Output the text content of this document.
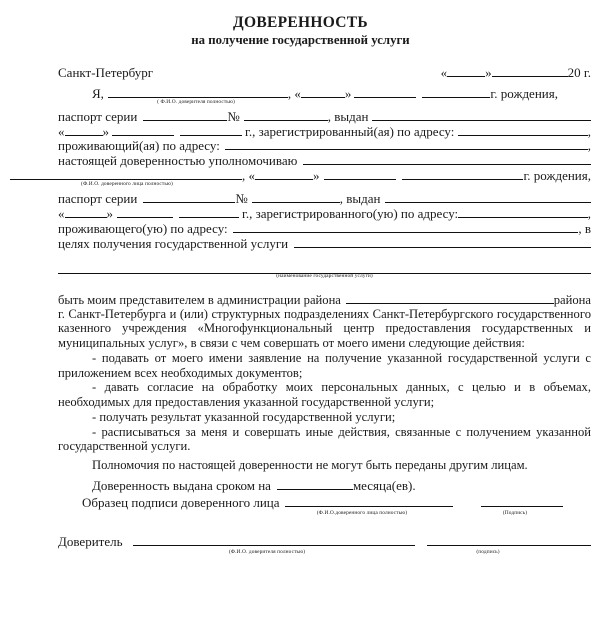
ДОВЕРЕННОСТЬ
на получение государственной услуги
Санкт-Петербург	«	»	20 г.
Я,	, «	»	г. рождения,
( Ф.И.О. доверителя полностью)
паспорт серии	№	, выдан
«	»	г., зарегистрированный(ая) по адресу:	,
проживающий(ая) по адресу:	,
настоящей доверенностью уполномочиваю
, «	»	г. рождения,
(Ф.И.О. доверенного лица полностью)
паспорт серии	№	, выдан
«	»	г., зарегистрированного(ую) по адресу:	,
проживающего(ую) по адресу:	, в
целях получения государственной услуги
(наименование государственной услуги)
быть моим представителем в администрации района	района
г. Санкт-Петербурга и (или) структурных подразделениях Санкт-Петербургского государственного казенного учреждения «Многофункциональный центр предоставления государственных и муниципальных услуг», в связи с чем совершать от моего имени следующие действия:
- подавать от моего имени заявление на получение указанной государственной услуги с приложением всех необходимых документов;
- давать согласие на обработку моих персональных данных, с целью и в объемах, необходимых для предоставления указанной государственной услуги;
- получать результат указанной государственной услуги;
- расписываться за меня и совершать иные действия, связанные с получением указанной государственной услуги.
Полномочия по настоящей доверенности не могут быть переданы другим лицам.
Доверенность выдана сроком на	месяца(ев).
Образец подписи доверенного лица
(Ф.И.О.доверенного лица полностью)	(Подпись)
Доверитель
(Ф.И.О. доверителя полностью)	(подпись)
